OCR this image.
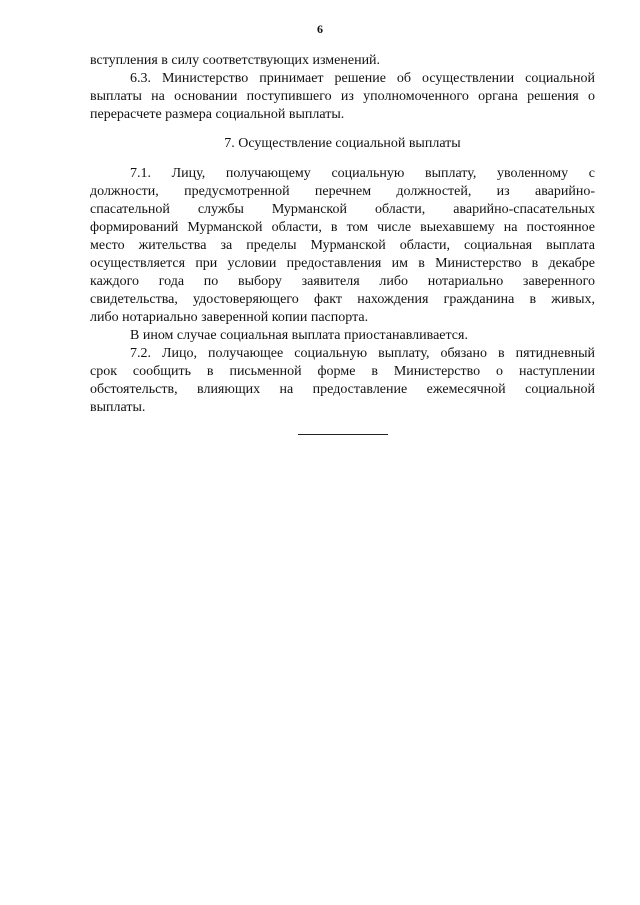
6
вступления в силу соответствующих изменений.
6.3. Министерство принимает решение об осуществлении социальной
выплаты на основании поступившего из уполномоченного органа решения о
перерасчете размера социальной выплаты.
7. Осуществление социальной выплаты
7.1. Лицу, получающему социальную выплату, уволенному с
должности, предусмотренной перечнем должностей, из аварийно-
спасательной службы Мурманской области, аварийно-спасательных
формирований Мурманской области, в том числе выехавшему на постоянное
место жительства за пределы Мурманской области, социальная выплата
осуществляется при условии предоставления им в Министерство в декабре
каждого года по выбору заявителя либо нотариально заверенного
свидетельства, удостоверяющего факт нахождения гражданина в живых,
либо нотариально заверенной копии паспорта.
В ином случае социальная выплата приостанавливается.
7.2. Лицо, получающее социальную выплату, обязано в пятидневный
срок сообщить в письменной форме в Министерство о наступлении
обстоятельств, влияющих на предоставление ежемесячной социальной
выплаты.
